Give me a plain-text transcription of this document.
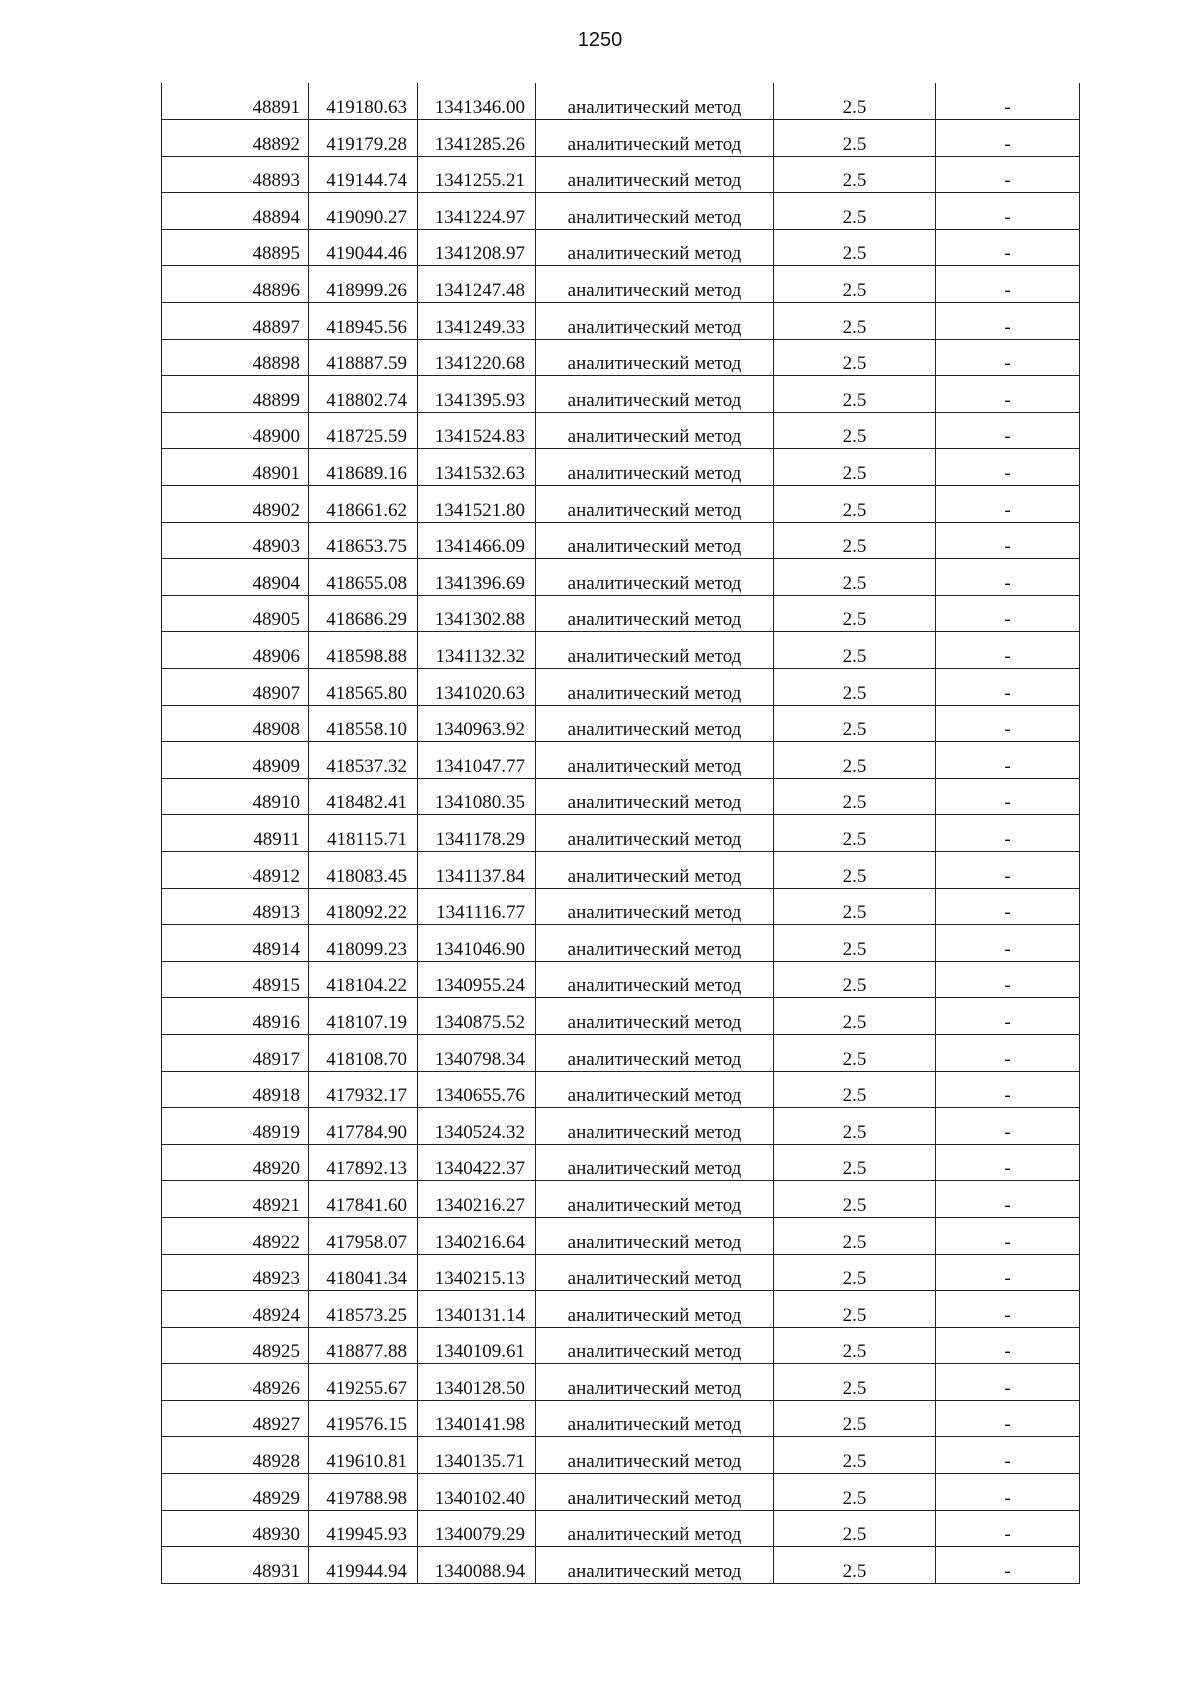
1250
48891	419180.63	1341346.00	аналитический метод	2.5	-
48892	419179.28	1341285.26	аналитический метод	2.5	-
48893	419144.74	1341255.21	аналитический метод	2.5	-
48894	419090.27	1341224.97	аналитический метод	2.5	-
48895	419044.46	1341208.97	аналитический метод	2.5	-
48896	418999.26	1341247.48	аналитический метод	2.5	-
48897	418945.56	1341249.33	аналитический метод	2.5	-
48898	418887.59	1341220.68	аналитический метод	2.5	-
48899	418802.74	1341395.93	аналитический метод	2.5	-
48900	418725.59	1341524.83	аналитический метод	2.5	-
48901	418689.16	1341532.63	аналитический метод	2.5	-
48902	418661.62	1341521.80	аналитический метод	2.5	-
48903	418653.75	1341466.09	аналитический метод	2.5	-
48904	418655.08	1341396.69	аналитический метод	2.5	-
48905	418686.29	1341302.88	аналитический метод	2.5	-
48906	418598.88	1341132.32	аналитический метод	2.5	-
48907	418565.80	1341020.63	аналитический метод	2.5	-
48908	418558.10	1340963.92	аналитический метод	2.5	-
48909	418537.32	1341047.77	аналитический метод	2.5	-
48910	418482.41	1341080.35	аналитический метод	2.5	-
48911	418115.71	1341178.29	аналитический метод	2.5	-
48912	418083.45	1341137.84	аналитический метод	2.5	-
48913	418092.22	1341116.77	аналитический метод	2.5	-
48914	418099.23	1341046.90	аналитический метод	2.5	-
48915	418104.22	1340955.24	аналитический метод	2.5	-
48916	418107.19	1340875.52	аналитический метод	2.5	-
48917	418108.70	1340798.34	аналитический метод	2.5	-
48918	417932.17	1340655.76	аналитический метод	2.5	-
48919	417784.90	1340524.32	аналитический метод	2.5	-
48920	417892.13	1340422.37	аналитический метод	2.5	-
48921	417841.60	1340216.27	аналитический метод	2.5	-
48922	417958.07	1340216.64	аналитический метод	2.5	-
48923	418041.34	1340215.13	аналитический метод	2.5	-
48924	418573.25	1340131.14	аналитический метод	2.5	-
48925	418877.88	1340109.61	аналитический метод	2.5	-
48926	419255.67	1340128.50	аналитический метод	2.5	-
48927	419576.15	1340141.98	аналитический метод	2.5	-
48928	419610.81	1340135.71	аналитический метод	2.5	-
48929	419788.98	1340102.40	аналитический метод	2.5	-
48930	419945.93	1340079.29	аналитический метод	2.5	-
48931	419944.94	1340088.94	аналитический метод	2.5	-
